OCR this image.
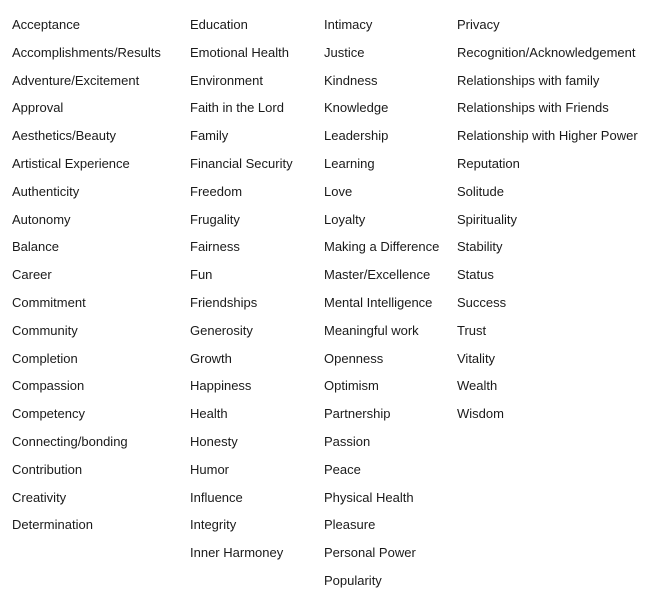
Acceptance
Accomplishments/Results
Adventure/Excitement
Approval
Aesthetics/Beauty
Artistical Experience
Authenticity
Autonomy
Balance
Career
Commitment
Community
Completion
Compassion
Competency
Connecting/bonding
Contribution
Creativity
Determination
Education
Emotional Health
Environment
Faith in the Lord
Family
Financial Security
Freedom
Frugality
Fairness
Fun
Friendships
Generosity
Growth
Happiness
Health
Honesty
Humor
Influence
Integrity
Inner Harmoney
Intimacy
Justice
Kindness
Knowledge
Leadership
Learning
Love
Loyalty
Making a Difference
Master/Excellence
Mental Intelligence
Meaningful work
Openness
Optimism
Partnership
Passion
Peace
Physical Health
Pleasure
Personal Power
Popularity
Privacy
Recognition/Acknowledgement
Relationships with family
Relationships with Friends
Relationship with Higher Power
Reputation
Solitude
Spirituality
Stability
Status
Success
Trust
Vitality
Wealth
Wisdom
